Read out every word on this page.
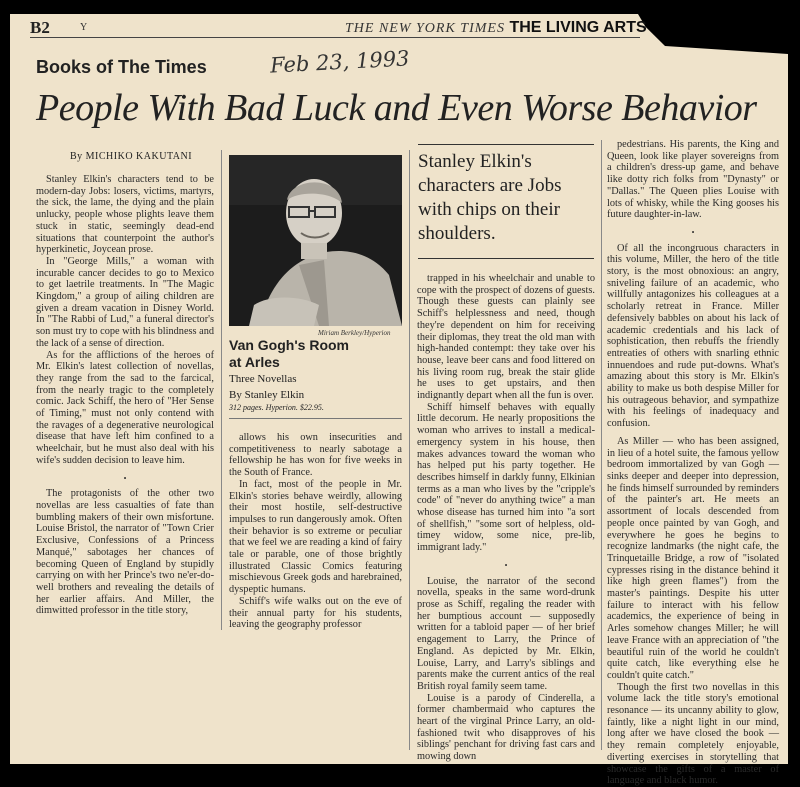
B2	Y	THE NEW YORK TIMES THE LIVING ARTS
Books of The Times	Feb 23, 1993
People With Bad Luck and Even Worse Behavior
By MICHIKO KAKUTANI

Stanley Elkin's characters tend to be modern-day Jobs: losers, victims, martyrs, the sick, the lame, the dying and the plain unlucky, people whose plights leave them stuck in static, seemingly dead-end situations that counterpoint the author's hyperkinetic, Joycean prose.

In "George Mills," a woman with incurable cancer decides to go to Mexico to get laetrile treatments. In "The Magic Kingdom," a group of ailing children are given a dream vacation in Disney World. In "The Rabbi of Lud," a funeral director's son must try to cope with his blindness and the lack of a sense of direction.

As for the afflictions of the heroes of Mr. Elkin's latest collection of novellas, they range from the sad to the farcical, from the nearly tragic to the completely comic. Jack Schiff, the hero of "Her Sense of Timing," must not only contend with the ravages of a degenerative neurological disease that have left him confined to a wheelchair, but he must also deal with his wife's sudden decision to leave him.

•

The protagonists of the other two novellas are less casualties of fate than bumbling makers of their own misfortune. Louise Bristol, the narrator of "Town Crier Exclusive, Confessions of a Princess Manqué," sabotages her chances of becoming Queen of England by stupidly carrying on with her Prince's two ne'er-do-well brothers and revealing the details of her earlier affairs. And Miller, the dimwitted professor in the title story,

Miriam Berkley/Hyperion
Van Gogh's Room
at Arles
Three Novellas
By Stanley Elkin
312 pages. Hyperion. $22.95.

allows his own insecurities and competitiveness to nearly sabotage a fellowship he has won for five weeks in the South of France.

In fact, most of the people in Mr. Elkin's stories behave weirdly, allowing their most hostile, self-destructive impulses to run dangerously amok. Often their behavior is so extreme or peculiar that we feel we are reading a kind of fairy tale or parable, one of those brightly illustrated Classic Comics featuring mischievous Greek gods and harebrained, dyspeptic humans.

Schiff's wife walks out on the eve of their annual party for his students, leaving the geography professor

Stanley Elkin's characters are Jobs with chips on their shoulders.

trapped in his wheelchair and unable to cope with the prospect of dozens of guests. Though these guests can plainly see Schiff's helplessness and need, though they're dependent on him for receiving their diplomas, they treat the old man with high-handed contempt: they take over his house, leave beer cans and food littered on his living room rug, break the stair glide he uses to get upstairs, and then indignantly depart when all the fun is over.

Schiff himself behaves with equally little decorum. He nearly propositions the woman who arrives to install a medical-emergency system in his house, then makes advances toward the woman who has helped put his party together. He describes himself in darkly funny, Elkinian terms as a man who lives by the "cripple's code" of "never do anything twice" a man whose disease has turned him into "a sort of shellfish," "some sort of helpless, old-timey widow, some nice, pre-lib, immigrant lady."

•

Louise, the narrator of the second novella, speaks in the same word-drunk prose as Schiff, regaling the reader with her bumptious account — supposedly written for a tabloid paper — of her brief engagement to Larry, the Prince of England. As depicted by Mr. Elkin, Louise, Larry, and Larry's siblings and parents make the current antics of the real British royal family seem tame.

Louise is a parody of Cinderella, a former chambermaid who captures the heart of the virginal Prince Larry, an old-fashioned twit who disapproves of his siblings' penchant for driving fast cars and mowing down

pedestrians. His parents, the King and Queen, look like player sovereigns from a children's dress-up game, and behave like dotty rich folks from "Dynasty" or "Dallas." The Queen plies Louise with lots of whisky, while the King gooses his future daughter-in-law.

•

Of all the incongruous characters in this volume, Miller, the hero of the title story, is the most obnoxious: an angry, sniveling failure of an academic, who willfully antagonizes his colleagues at a scholarly retreat in France. Miller defensively babbles on about his lack of academic credentials and his lack of sophistication, then rebuffs the friendly entreaties of others with snarling ethnic innuendoes and rude put-downs. What's amazing about this story is Mr. Elkin's ability to make us both despise Miller for his outrageous behavior, and sympathize with his feelings of inadequacy and confusion.

As Miller — who has been assigned, in lieu of a hotel suite, the famous yellow bedroom immortalized by van Gogh — sinks deeper and deeper into depression, he finds himself surrounded by reminders of the painter's art. He meets an assortment of locals descended from people once painted by van Gogh, and everywhere he goes he begins to recognize landmarks (the night cafe, the Trinquetaille Bridge, a row of "isolated cypresses rising in the distance behind it like high green flames") from the master's paintings. Despite his utter failure to interact with his fellow academics, the experience of being in Arles somehow changes Miller; he will leave France with an appreciation of "the beautiful ruin of the world he couldn't quite catch, like everything else he couldn't quite catch."

Though the first two novellas in this volume lack the title story's emotional resonance — its uncanny ability to glow, faintly, like a night light in our mind, long after we have closed the book — they remain completely enjoyable, diverting exercises in storytelling that showcase the gifts of a master of language and black humor.
